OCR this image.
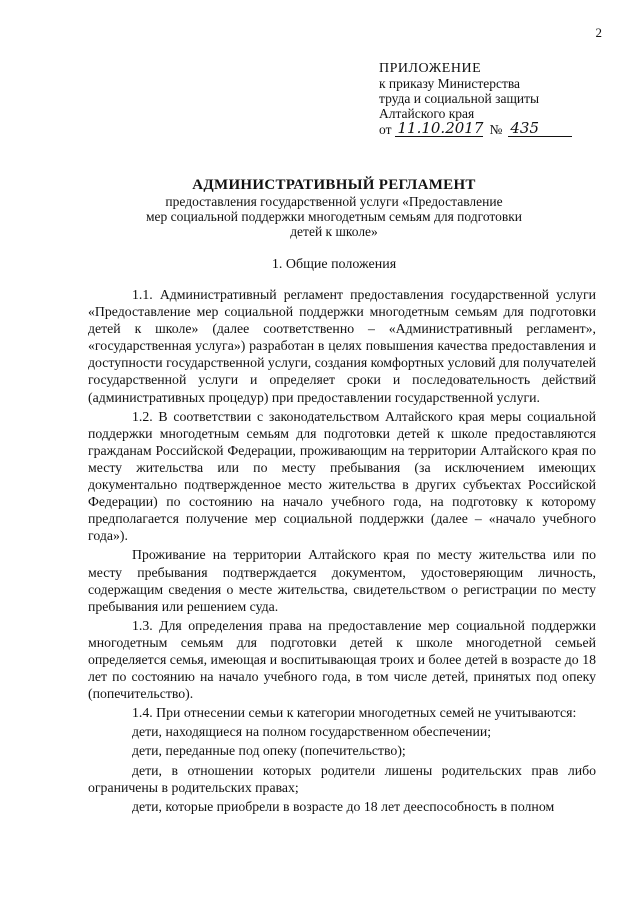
2
ПРИЛОЖЕНИЕ
к приказу Министерства
труда и социальной защиты
Алтайского края
от 11.10.2017 № 435
АДМИНИСТРАТИВНЫЙ РЕГЛАМЕНТ
предоставления государственной услуги «Предоставление
мер социальной поддержки многодетным семьям для подготовки
детей к школе»
1. Общие положения

1.1. Административный регламент предоставления государственной услуги «Предоставление мер социальной поддержки многодетным семьям для подготовки детей к школе» (далее соответственно – «Административный регламент», «государственная услуга») разработан в целях повышения качества предоставления и доступности государственной услуги, создания комфортных условий для получателей государственной услуги и определяет сроки и последовательность действий (административных процедур) при предоставлении государственной услуги.

1.2. В соответствии с законодательством Алтайского края меры социальной поддержки многодетным семьям для подготовки детей к школе предоставляются гражданам Российской Федерации, проживающим на территории Алтайского края по месту жительства или по месту пребывания (за исключением имеющих документально подтвержденное место жительства в других субъектах Российской Федерации) по состоянию на начало учебного года, на подготовку к которому предполагается получение мер социальной поддержки (далее – «начало учебного года»).

Проживание на территории Алтайского края по месту жительства или по месту пребывания подтверждается документом, удостоверяющим личность, содержащим сведения о месте жительства, свидетельством о регистрации по месту пребывания или решением суда.

1.3. Для определения права на предоставление мер социальной поддержки многодетным семьям для подготовки детей к школе многодетной семьей определяется семья, имеющая и воспитывающая троих и более детей в возрасте до 18 лет по состоянию на начало учебного года, в том числе детей, принятых под опеку (попечительство).

1.4. При отнесении семьи к категории многодетных семей не учитываются:

дети, находящиеся на полном государственном обеспечении;

дети, переданные под опеку (попечительство);

дети, в отношении которых родители лишены родительских прав либо ограничены в родительских правах;

дети, которые приобрели в возрасте до 18 лет дееспособность в полном
